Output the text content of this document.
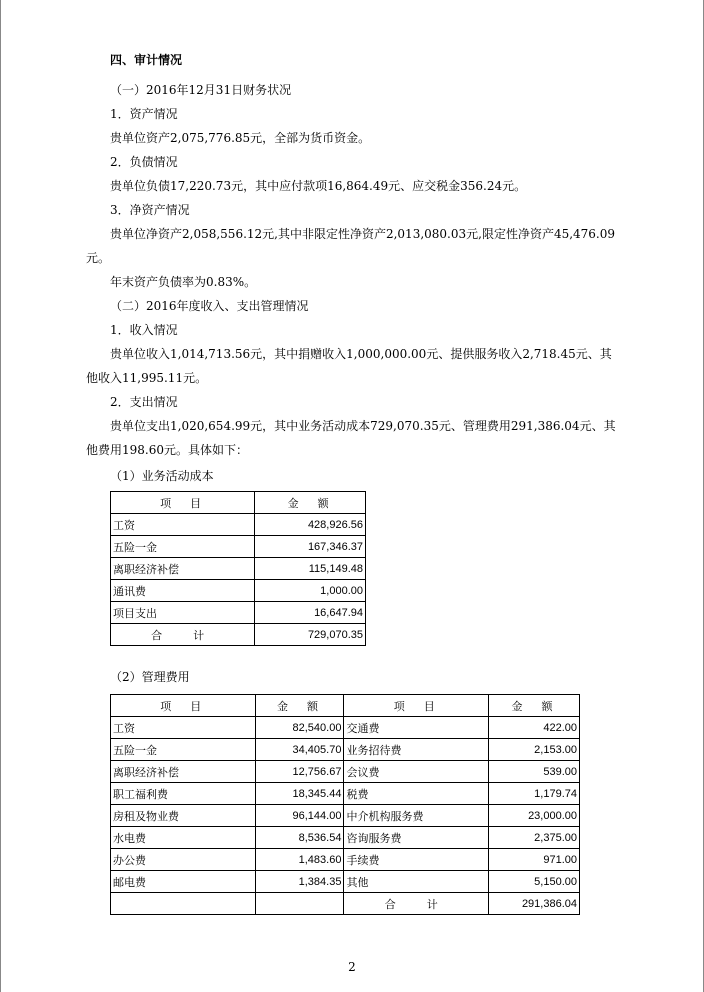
四、审计情况
（一）2016年12月31日财务状况
1．资产情况
贵单位资产2,075,776.85元，全部为货币资金。
2．负债情况
贵单位负债17,220.73元，其中应付款项16,864.49元、应交税金356.24元。
3．净资产情况
贵单位净资产2,058,556.12元,其中非限定性净资产2,013,080.03元,限定性净资产45,476.09
元。
年末资产负债率为0.83%。
（二）2016年度收入、支出管理情况
1．收入情况
贵单位收入1,014,713.56元，其中捐赠收入1,000,000.00元、提供服务收入2,718.45元、其
他收入11,995.11元。
2．支出情况
贵单位支出1,020,654.99元，其中业务活动成本729,070.35元、管理费用291,386.04元、其
他费用198.60元。具体如下：
（1）业务活动成本
项　目	金　额
工资	428,926.56
五险一金	167,346.37
离职经济补偿	115,149.48
通讯费	1,000.00
项目支出	16,647.94
合　计	729,070.35
（2）管理费用
项　目	金　额	项　目	金　额
工资	82,540.00	交通费	422.00
五险一金	34,405.70	业务招待费	2,153.00
离职经济补偿	12,756.67	会议费	539.00
职工福利费	18,345.44	税费	1,179.74
房租及物业费	96,144.00	中介机构服务费	23,000.00
水电费	8,536.54	咨询服务费	2,375.00
办公费	1,483.60	手续费	971.00
邮电费	1,384.35	其他	5,150.00
		合　计	291,386.04
2
